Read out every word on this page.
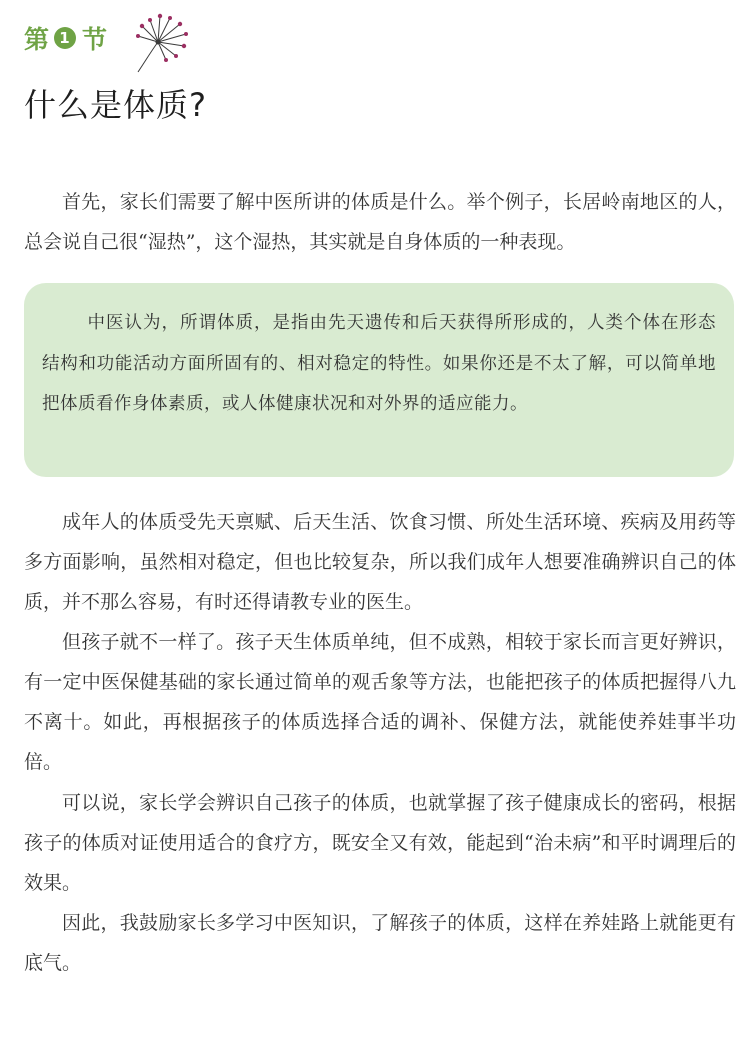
第 1 节
什么是体质?

首先，家长们需要了解中医所讲的体质是什么。举个例子，长居岭南地区的人，总会说自己很“湿热”，这个湿热，其实就是自身体质的一种表现。

中医认为，所谓体质，是指由先天遗传和后天获得所形成的，人类个体在形态结构和功能活动方面所固有的、相对稳定的特性。如果你还是不太了解，可以简单地把体质看作身体素质，或人体健康状况和对外界的适应能力。

成年人的体质受先天禀赋、后天生活、饮食习惯、所处生活环境、疾病及用药等多方面影响，虽然相对稳定，但也比较复杂，所以我们成年人想要准确辨识自己的体质，并不那么容易，有时还得请教专业的医生。

但孩子就不一样了。孩子天生体质单纯，但不成熟，相较于家长而言更好辨识，有一定中医保健基础的家长通过简单的观舌象等方法，也能把孩子的体质把握得八九不离十。如此，再根据孩子的体质选择合适的调补、保健方法，就能使养娃事半功倍。

可以说，家长学会辨识自己孩子的体质，也就掌握了孩子健康成长的密码，根据孩子的体质对证使用适合的食疗方，既安全又有效，能起到“治未病”和平时调理后的效果。

因此，我鼓励家长多学习中医知识，了解孩子的体质，这样在养娃路上就能更有底气。
